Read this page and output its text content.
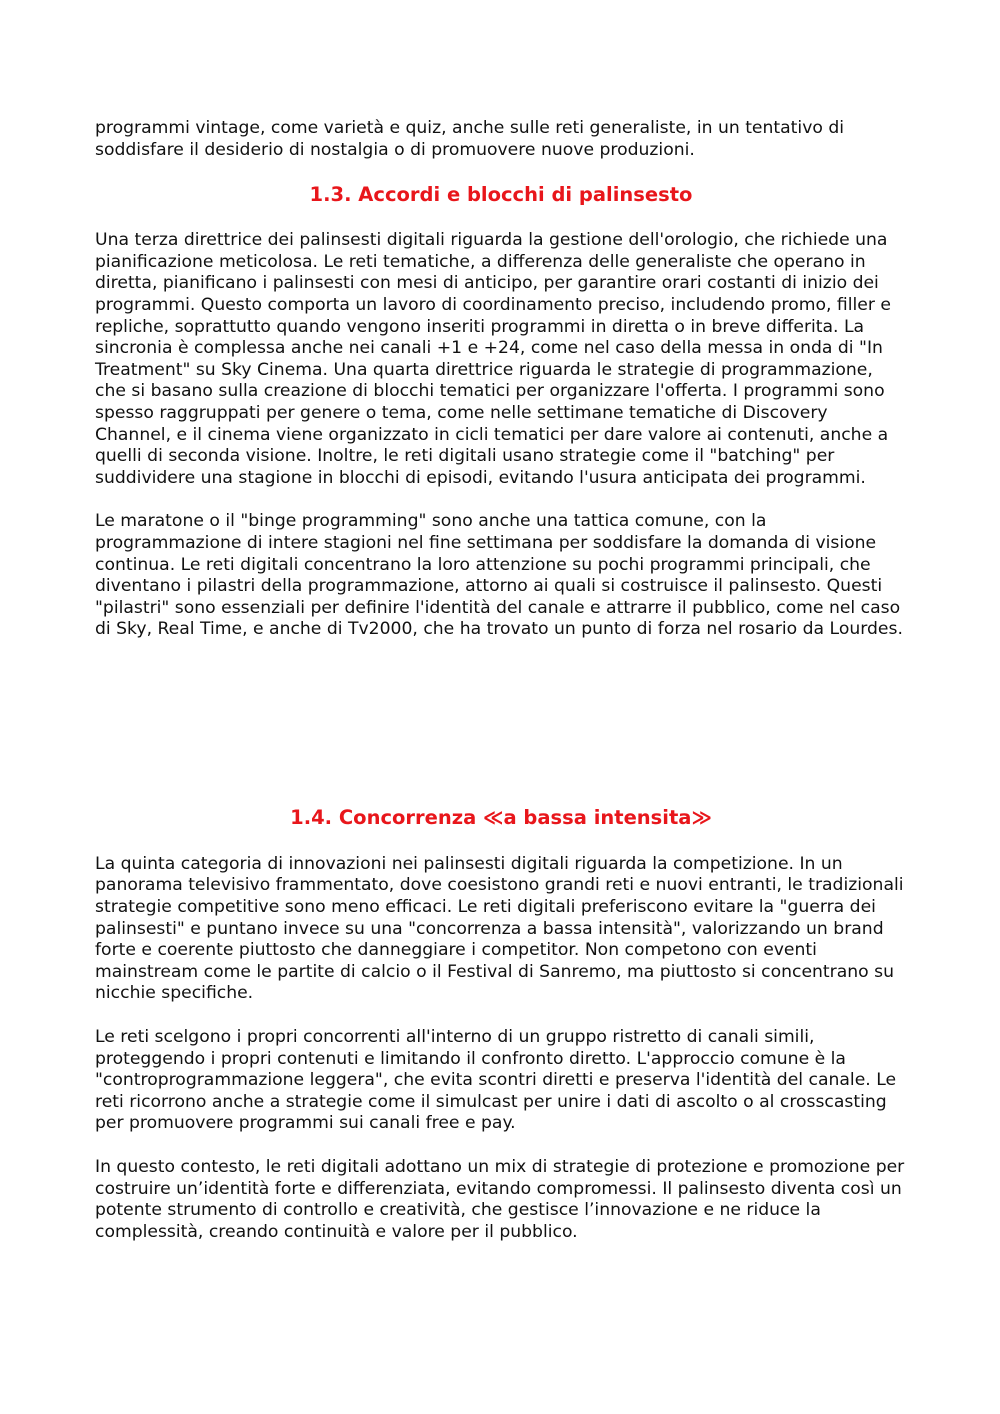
programmi vintage, come varietà e quiz, anche sulle reti generaliste, in un tentativo di soddisfare il desiderio di nostalgia o di promuovere nuove produzioni.

1.3. Accordi e blocchi di palinsesto

Una terza direttrice dei palinsesti digitali riguarda la gestione dell'orologio, che richiede una pianificazione meticolosa. Le reti tematiche, a differenza delle generaliste che operano in diretta, pianificano i palinsesti con mesi di anticipo, per garantire orari costanti di inizio dei programmi. Questo comporta un lavoro di coordinamento preciso, includendo promo, filler e repliche, soprattutto quando vengono inseriti programmi in diretta o in breve differita. La sincronia è complessa anche nei canali +1 e +24, come nel caso della messa in onda di "In Treatment" su Sky Cinema. Una quarta direttrice riguarda le strategie di programmazione, che si basano sulla creazione di blocchi tematici per organizzare l'offerta. I programmi sono spesso raggruppati per genere o tema, come nelle settimane tematiche di Discovery Channel, e il cinema viene organizzato in cicli tematici per dare valore ai contenuti, anche a quelli di seconda visione. Inoltre, le reti digitali usano strategie come il "batching" per suddividere una stagione in blocchi di episodi, evitando l'usura anticipata dei programmi.

Le maratone o il "binge programming" sono anche una tattica comune, con la programmazione di intere stagioni nel fine settimana per soddisfare la domanda di visione continua. Le reti digitali concentrano la loro attenzione su pochi programmi principali, che diventano i pilastri della programmazione, attorno ai quali si costruisce il palinsesto. Questi "pilastri" sono essenziali per definire l'identità del canale e attrarre il pubblico, come nel caso di Sky, Real Time, e anche di Tv2000, che ha trovato un punto di forza nel rosario da Lourdes.

1.4. Concorrenza ≪a bassa intensita≫

La quinta categoria di innovazioni nei palinsesti digitali riguarda la competizione. In un panorama televisivo frammentato, dove coesistono grandi reti e nuovi entranti, le tradizionali strategie competitive sono meno efficaci. Le reti digitali preferiscono evitare la "guerra dei palinsesti" e puntano invece su una "concorrenza a bassa intensità", valorizzando un brand forte e coerente piuttosto che danneggiare i competitor. Non competono con eventi mainstream come le partite di calcio o il Festival di Sanremo, ma piuttosto si concentrano su nicchie specifiche.

Le reti scelgono i propri concorrenti all'interno di un gruppo ristretto di canali simili, proteggendo i propri contenuti e limitando il confronto diretto. L'approccio comune è la "controprogrammazione leggera", che evita scontri diretti e preserva l'identità del canale. Le reti ricorrono anche a strategie come il simulcast per unire i dati di ascolto o al crosscasting per promuovere programmi sui canali free e pay.

In questo contesto, le reti digitali adottano un mix di strategie di protezione e promozione per costruire un’identità forte e differenziata, evitando compromessi. Il palinsesto diventa così un potente strumento di controllo e creatività, che gestisce l’innovazione e ne riduce la complessità, creando continuità e valore per il pubblico.
